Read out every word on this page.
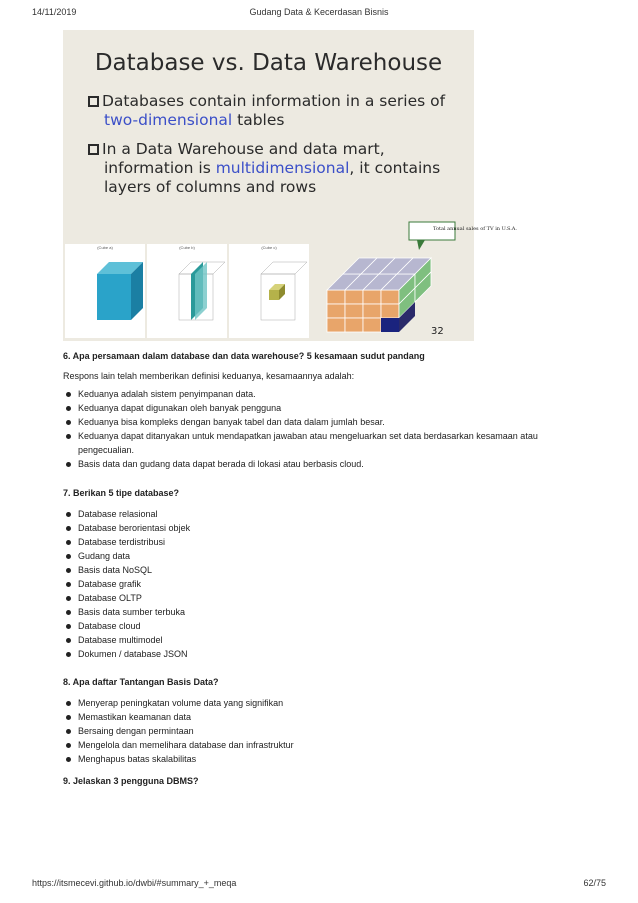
14/11/2019	Gudang Data & Kecerdasan Bisnis
Database vs. Data Warehouse
Databases contain information in a series of
two-dimensional tables
In a Data Warehouse and data mart,
information is multidimensional, it contains
layers of columns and rows
(Cube a)	(Cube b)	(Cube c)
Total annual sales of TV in U.S.A.
32
6. Apa persamaan dalam database dan data warehouse? 5 kesamaan sudut pandang
Respons lain telah memberikan definisi keduanya, kesamaannya adalah:
Keduanya adalah sistem penyimpanan data.
Keduanya dapat digunakan oleh banyak pengguna
Keduanya bisa kompleks dengan banyak tabel dan data dalam jumlah besar.
Keduanya dapat ditanyakan untuk mendapatkan jawaban atau mengeluarkan set data berdasarkan kesamaan atau pengecualian.
Basis data dan gudang data dapat berada di lokasi atau berbasis cloud.
7. Berikan 5 tipe database?
Database relasional
Database berorientasi objek
Database terdistribusi
Gudang data
Basis data NoSQL
Database grafik
Database OLTP
Basis data sumber terbuka
Database cloud
Database multimodel
Dokumen / database JSON
8. Apa daftar Tantangan Basis Data?
Menyerap peningkatan volume data yang signifikan
Memastikan keamanan data
Bersaing dengan permintaan
Mengelola dan memelihara database dan infrastruktur
Menghapus batas skalabilitas
9. Jelaskan 3 pengguna DBMS?
https://itsmecevi.github.io/dwbi/#summary_+_meqa	62/75
